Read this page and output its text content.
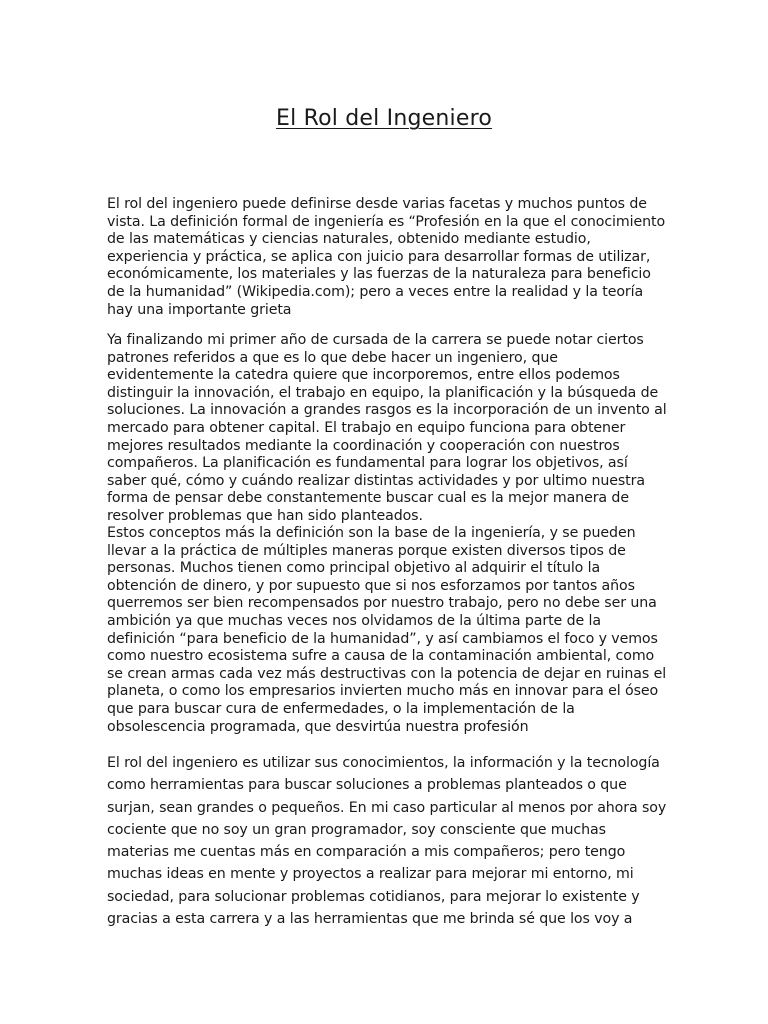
El Rol del Ingeniero

El rol del ingeniero puede definirse desde varias facetas y muchos puntos de vista. La definición formal de ingeniería es “Profesión en la que el conocimiento de las matemáticas y ciencias naturales, obtenido mediante estudio, experiencia y práctica, se aplica con juicio para desarrollar formas de utilizar, económicamente, los materiales y las fuerzas de la naturaleza para beneficio de la humanidad” (Wikipedia.com); pero a veces entre la realidad y la teoría hay una importante grieta

Ya finalizando mi primer año de cursada de la carrera se puede notar ciertos patrones referidos a que es lo que debe hacer un ingeniero, que evidentemente la catedra quiere que incorporemos, entre ellos podemos distinguir la innovación, el trabajo en equipo, la planificación y la búsqueda de soluciones. La innovación a grandes rasgos es la incorporación de un invento al mercado para obtener capital. El trabajo en equipo funciona para obtener mejores resultados mediante la coordinación y cooperación con nuestros compañeros. La planificación es fundamental para lograr los objetivos, así saber qué, cómo y cuándo realizar distintas actividades y por ultimo nuestra forma de pensar debe constantemente buscar cual es la mejor manera de resolver problemas que han sido planteados.

Estos conceptos más la definición son la base de la ingeniería, y se pueden llevar a la práctica de múltiples maneras porque existen diversos tipos de personas. Muchos tienen como principal objetivo al adquirir el título la obtención de dinero, y por supuesto que si nos esforzamos por tantos años querremos ser bien recompensados por nuestro trabajo, pero no debe ser una ambición ya que muchas veces nos olvidamos de la última parte de la definición “para beneficio de la humanidad”, y así cambiamos el foco y vemos como nuestro ecosistema sufre a causa de la contaminación ambiental, como se crean armas cada vez más destructivas con la potencia de dejar en ruinas el planeta, o como los empresarios invierten mucho más en innovar para el óseo que para buscar cura de enfermedades, o la implementación de la obsolescencia programada, que desvirtúa nuestra profesión

El rol del ingeniero es utilizar sus conocimientos, la información y la tecnología como herramientas para buscar soluciones a problemas planteados o que surjan, sean grandes o pequeños. En mi caso particular al menos por ahora soy cociente que no soy un gran programador, soy consciente que muchas materias me cuentas más en comparación a mis compañeros; pero tengo muchas ideas en mente y proyectos a realizar para mejorar mi entorno, mi sociedad, para solucionar problemas cotidianos, para mejorar lo existente y gracias a esta carrera y a las herramientas que me brinda sé que los voy a
